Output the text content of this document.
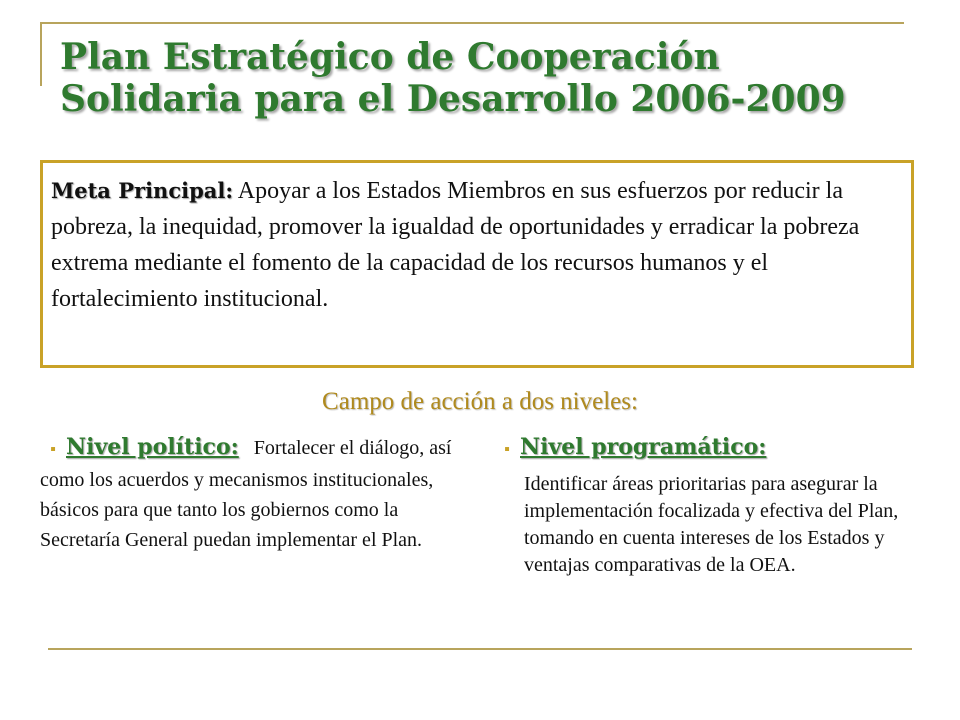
Plan Estratégico de Cooperación
Solidaria para el Desarrollo 2006-2009
Meta Principal: Apoyar a los Estados Miembros en sus esfuerzos por reducir la pobreza, la inequidad, promover la igualdad de oportunidades y erradicar la pobreza extrema mediante el fomento de la capacidad de los recursos humanos y el fortalecimiento institucional.
Campo de acción a dos niveles:
▪ Nivel político: Fortalecer el diálogo, así como los acuerdos y mecanismos institucionales, básicos para que tanto los gobiernos como la Secretaría General puedan implementar el Plan.
▪ Nivel programático:
Identificar áreas prioritarias para asegurar la implementación focalizada y efectiva del Plan, tomando en cuenta intereses de los Estados y ventajas comparativas de la OEA.
